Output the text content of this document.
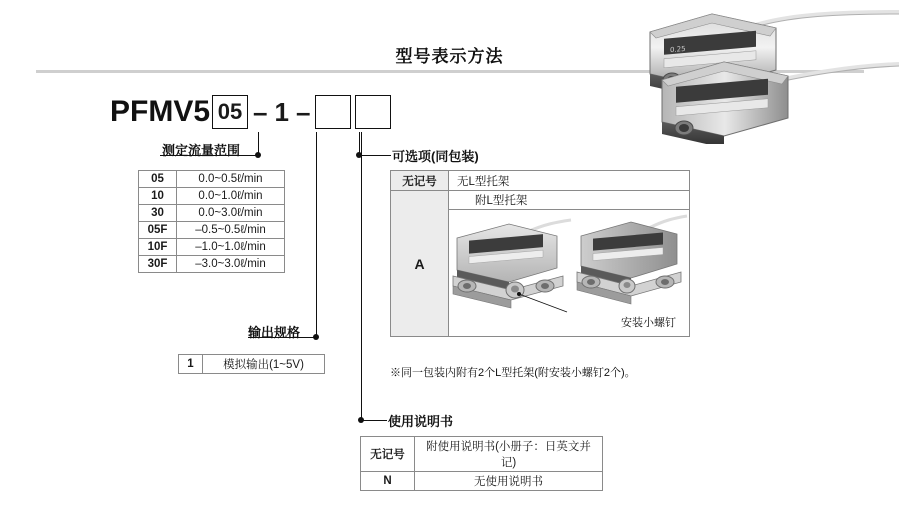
型号表示方法	0.25
PFMV5 05 – 1 –
测定流量范围
05	0.0~0.5ℓ/min
10	0.0~1.0ℓ/min
30	0.0~3.0ℓ/min
05F	–0.5~0.5ℓ/min
10F	–1.0~1.0ℓ/min
30F	–3.0~3.0ℓ/min
输出规格
1	模拟输出(1~5V)
可选项(同包装)
无记号	无L型托架
A	附L型托架

	安装小螺钉
※同一包装内附有2个L型托架(附安装小螺钉2个)。
使用说明书
无记号	附使用说明书(小册子：日英文并记)
N	无使用说明书
